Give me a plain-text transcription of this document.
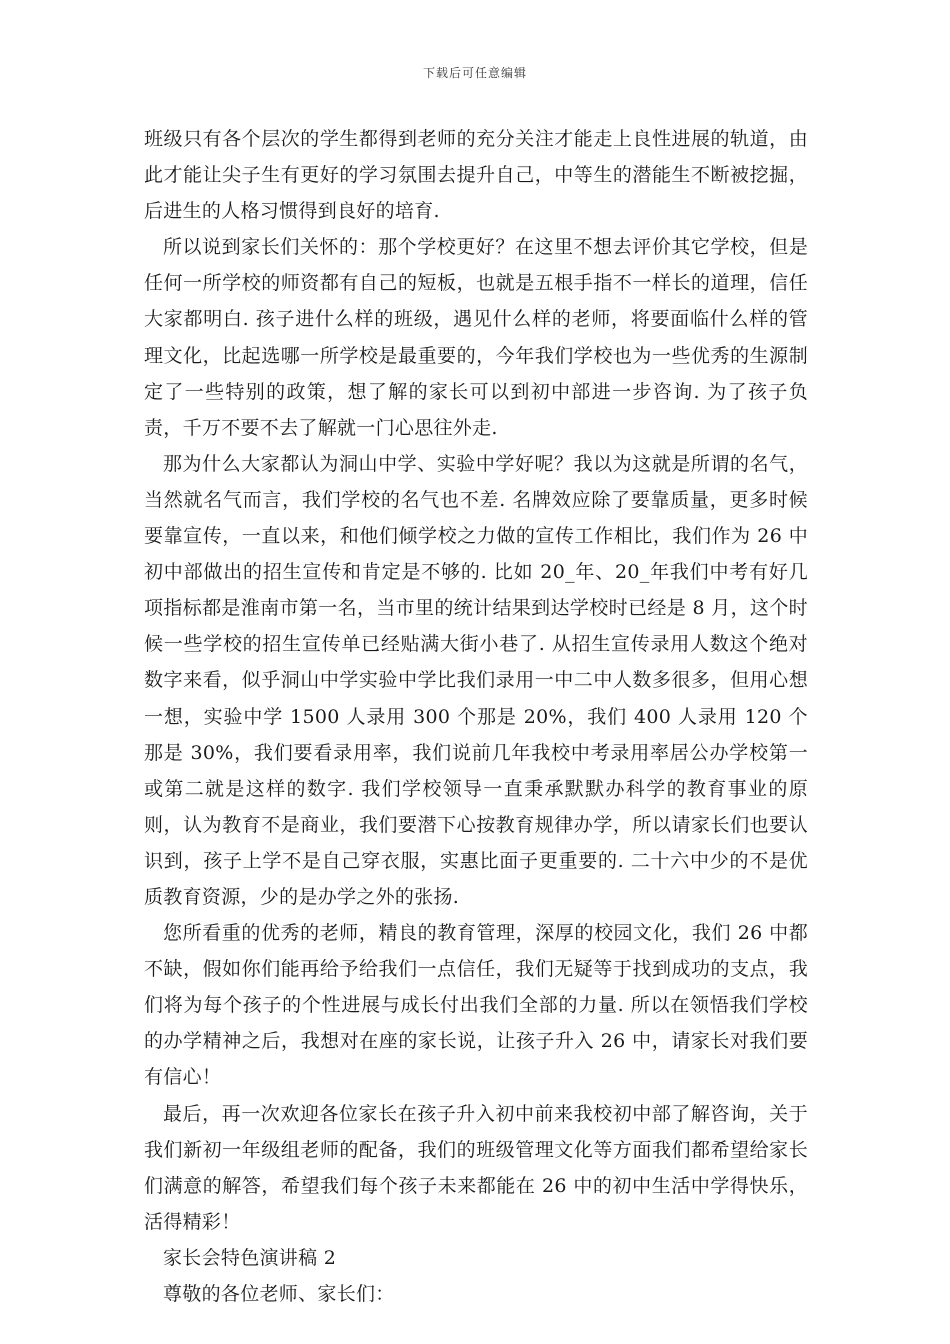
下载后可任意编辑

班级只有各个层次的学生都得到老师的充分关注才能走上良性进展的轨道，由此才能让尖子生有更好的学习氛围去提升自己，中等生的潜能生不断被挖掘，后进生的人格习惯得到良好的培育.

所以说到家长们关怀的：那个学校更好？在这里不想去评价其它学校，但是任何一所学校的师资都有自己的短板，也就是五根手指不一样长的道理，信任大家都明白. 孩子进什么样的班级，遇见什么样的老师，将要面临什么样的管理文化，比起选哪一所学校是最重要的，今年我们学校也为一些优秀的生源制定了一些特别的政策，想了解的家长可以到初中部进一步咨询. 为了孩子负责，千万不要不去了解就一门心思往外走.

那为什么大家都认为洞山中学、实验中学好呢？我以为这就是所谓的名气，当然就名气而言，我们学校的名气也不差. 名牌效应除了要靠质量，更多时候要靠宣传，一直以来，和他们倾学校之力做的宣传工作相比，我们作为 26 中初中部做出的招生宣传和肯定是不够的. 比如 20_年、20_年我们中考有好几项指标都是淮南市第一名，当市里的统计结果到达学校时已经是 8 月，这个时候一些学校的招生宣传单已经贴满大街小巷了. 从招生宣传录用人数这个绝对数字来看，似乎洞山中学实验中学比我们录用一中二中人数多很多，但用心想一想，实验中学 1500 人录用 300 个那是 20%，我们 400 人录用 120 个那是 30%，我们要看录用率，我们说前几年我校中考录用率居公办学校第一或第二就是这样的数字. 我们学校领导一直秉承默默办科学的教育事业的原则，认为教育不是商业，我们要潜下心按教育规律办学，所以请家长们也要认识到，孩子上学不是自己穿衣服，实惠比面子更重要的. 二十六中少的不是优质教育资源，少的是办学之外的张扬.

您所看重的优秀的老师，精良的教育管理，深厚的校园文化，我们 26 中都不缺，假如你们能再给予给我们一点信任，我们无疑等于找到成功的支点，我们将为每个孩子的个性进展与成长付出我们全部的力量. 所以在领悟我们学校的办学精神之后，我想对在座的家长说，让孩子升入 26 中，请家长对我们要有信心！

最后，再一次欢迎各位家长在孩子升入初中前来我校初中部了解咨询，关于我们新初一年级组老师的配备，我们的班级管理文化等方面我们都希望给家长们满意的解答，希望我们每个孩子未来都能在 26 中的初中生活中学得快乐，活得精彩！

家长会特色演讲稿 2

尊敬的各位老师、家长们：
